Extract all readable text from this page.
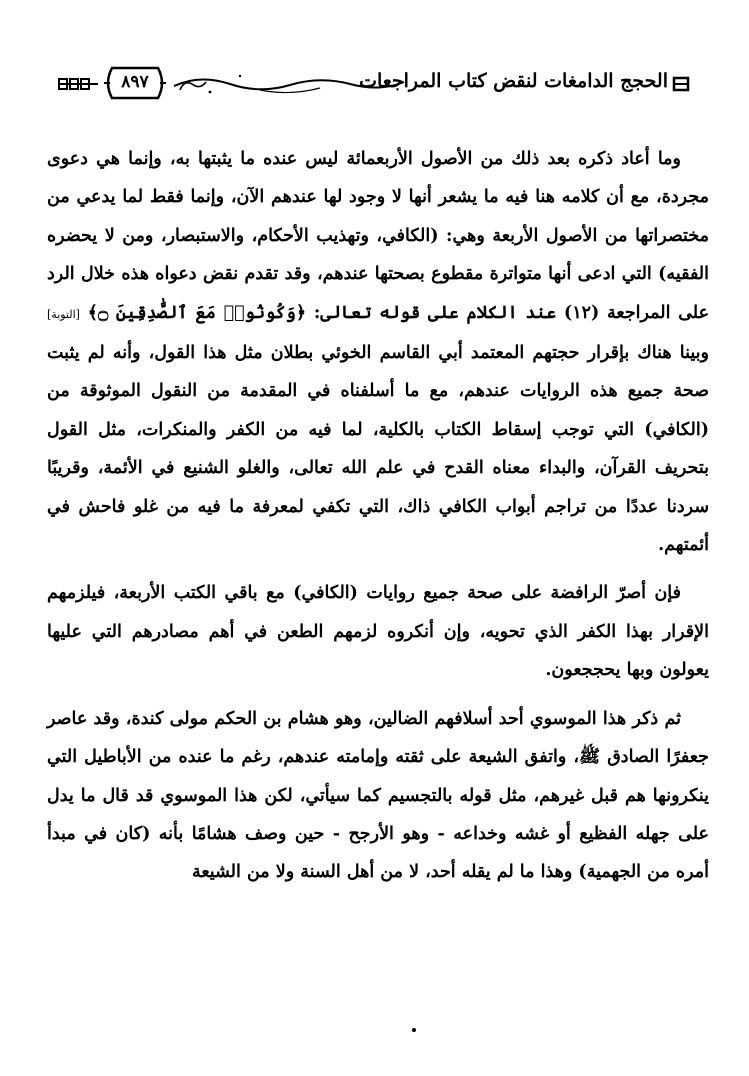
٨٩٧	الحجج الدامغات لنقض كتاب المراجعات

وما أعاد ذكره بعد ذلك من الأصول الأربعمائة ليس عنده ما يثبتها به، وإنما هي دعوى مجردة، مع أن كلامه هنا فيه ما يشعر أنها لا وجود لها عندهم الآن، وإنما فقط لما يدعي من مختصراتها من الأصول الأربعة وهي: (الكافي، وتهذيب الأحكام، والاستبصار، ومن لا يحضره الفقيه) التي ادعى أنها متواترة مقطوع بصحتها عندهم، وقد تقدم نقض دعواه هذه خلال الرد على المراجعة (١٢) عند الكلام على قوله تعالى: ﴿وَكُونُوا۟ مَعَ ٱلصَّٰدِقِينَ ۝﴾ [التوبة] وبينا هناك بإقرار حجتهم المعتمد أبي القاسم الخوئي بطلان مثل هذا القول، وأنه لم يثبت صحة جميع هذه الروايات عندهم، مع ما أسلفناه في المقدمة من النقول الموثوقة من (الكافي) التي توجب إسقاط الكتاب بالكلية، لما فيه من الكفر والمنكرات، مثل القول بتحريف القرآن، والبداء معناه القدح في علم الله تعالى، والغلو الشنيع في الأئمة، وقريبًا سردنا عددًا من تراجم أبواب الكافي ذاك، التي تكفي لمعرفة ما فيه من غلو فاحش في أئمتهم.

فإن أصرّ الرافضة على صحة جميع روايات (الكافي) مع باقي الكتب الأربعة، فيلزمهم الإقرار بهذا الكفر الذي تحويه، وإن أنكروه لزمهم الطعن في أهم مصادرهم التي عليها يعولون وبها يحججعون.

ثم ذكر هذا الموسوي أحد أسلافهم الضالين، وهو هشام بن الحكم مولى كندة، وقد عاصر جعفرًا الصادق ﷺ، واتفق الشيعة على ثقته وإمامته عندهم، رغم ما عنده من الأباطيل التي ينكرونها هم قبل غيرهم، مثل قوله بالتجسيم كما سيأتي، لكن هذا الموسوي قد قال ما يدل على جهله الفظيع أو غشه وخداعه - وهو الأرجح - حين وصف هشامًا بأنه (كان في مبدأ أمره من الجهمية) وهذا ما لم يقله أحد، لا من أهل السنة ولا من الشيعة
